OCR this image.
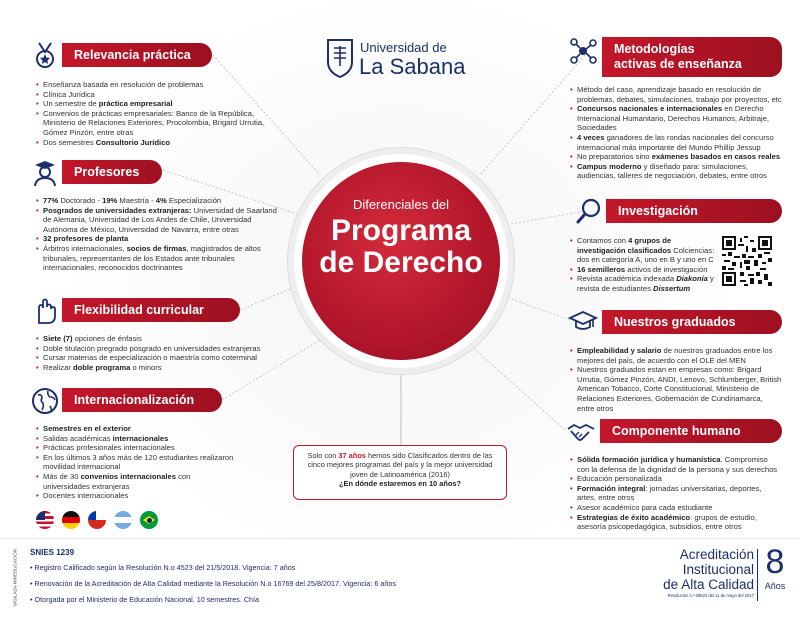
Universidad de
La Sabana
Diferenciales del
Programa
de Derecho
Relevancia práctica
• Enseñanza basada en resolución de problemas
• Clínica Jurídica
• Un semestre de práctica empresarial
• Convenios de prácticas empresariales: Banco de la República, Ministerio de Relaciones Exteriores, Procolombia, Brigard Urrutia, Gómez Pinzón, entre otras
• Dos semestres Consultorio Jurídico
Profesores
• 77% Doctorado - 19% Maestría - 4% Especialización
• Posgrados de universidades extranjeras: Universidad de Saarland de Alemania, Universidad de Los Andes de Chile, Universidad Autónoma de México, Universidad de Navarra, entre otras
• 32 profesores de planta
• Árbitros internacionales, socios de firmas, magistrados de altos tribunales, representantes de los Estados ante tribunales internacionales, reconocidos doctrinantes
Flexibilidad curricular
• Siete (7) opciones de énfasis
• Doble titulación pregrado posgrado en universidades extranjeras
• Cursar materias de especialización o maestría como coterminal
• Realizar doble programa o minors
Internacionalización
• Semestres en el exterior
• Salidas académicas internacionales
• Prácticas profesionales internacionales
• En los últimos 3 años más de 120 estudiantes realizaron movilidad internacional
• Más de 30 convenios internacionales con universidades extranjeras
• Docentes internacionales
Metodologías
activas de enseñanza
• Método del caso, aprendizaje basado en resolución de problemas, debates, simulaciones, trabajo por proyectos, etc
• Concursos nacionales e internacionales en Derecho Internacional Humanitario, Derechos Humanos, Arbitraje, Sociedades
• 4 veces ganadores de las rondas nacionales del concurso internacional más importante del Mundo Phillip Jessup
• No preparatorios sino exámenes basados en casos reales
• Campus moderno y diseñado para: simulaciones, audiencias, talleres de negociación, debates, entre otros
Investigación
• Contamos con 4 grupos de investigación clasificados Colciencias: dos en categoría A, uno en B y uno en C
• 16 semilleros activos de investigación
• Revista académica indexada Diakonía y revista de estudiantes Dissertum
Nuestros graduados
• Empleabilidad y salario de nuestros graduados entre los mejores del país, de acuerdo con el OLE del MEN
• Nuestros graduados estan en empresas como: Brigard Urrutia, Gómez Pinzón, ANDI, Lenovo, Schlumberger, British American Tobacco, Corte Constitucional, Ministerio de Relaciones Exteriores, Gobernación de Cundinamarca, entre otros
Componente humano
• Sólida formación jurídica y humanística. Compromiso con la defensa de la dignidad de la persona y sus derechos
• Educación personalizada
• Formación integral: jornadas universitarias, deportes, artes, entre otros
• Asesor académico para cada estudiante
• Estrategias de éxito académico: grupos de estudio, asesoría psicopedagógica, subsidios, entre otros
Solo con 37 años hemos sido Clasificados dentro de las cinco mejores programas del país y la mejor universidad joven de Latinoamérica (2016)
¿En dónde estaremos en 10 años?
VIGILADA MINEDUCACIÓN SNIES 1239
• Registro Calificado según la Resolución N.o 4523 del 21/5/2018. Vigencia: 7 años
• Renovación de la Acreditación de Alta Calidad mediante la Resolución N.o 16769 del 25/8/2017. Vigencia: 6 años
• Otorgada por el Ministerio de Educación Nacional. 10 semestres. Chía
Acreditación
Institucional
de Alta Calidad
Resolución n.º 09522 del 11 de mayo del 2017
8
Años
